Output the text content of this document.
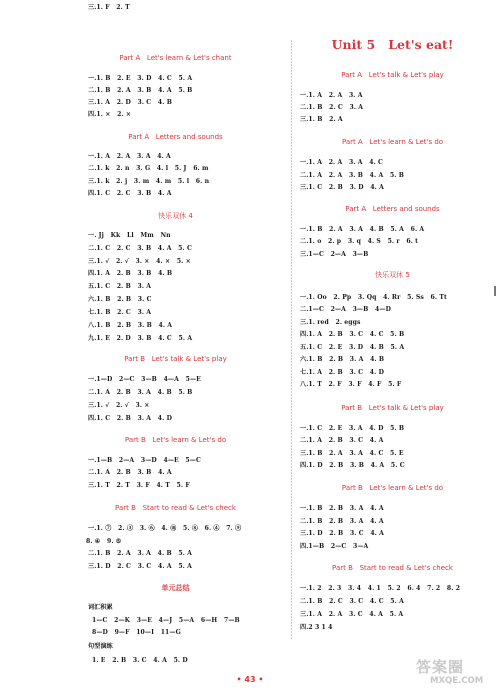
三.1. F   2. T
Part A   Let's learn & Let's chant
一.1. B   2. E   3. D   4. C   5. A
二.1. B   2. A   3. B   4. A   5. B
三.1. A   2. D   3. C   4. B
四.1. ×   2. ×
Part A   Letters and sounds
一.1. A   2. A   3. A   4. A
二.1. k   2. n   3. G   4. l   5. J   6. m
三.1. k   2. j   3. m   4. m   5. l   6. n
四.1. C   2. C   3. B   4. A
快乐双休 4
一. Jj   Kk   Ll   Mm   Nn
二.1. C   2. C   3. B   4. A   5. C
三.1. √   2. √   3. ×   4. ×   5. ×
四.1. A   2. B   3. B   4. B
五.1. C   2. B   3. A
六.1. B   2. B   3. C
七.1. B   2. C   3. A
八.1. B   2. B   3. B   4. A
九.1. E   2. D   3. B   4. C   5. A
Part B   Let's talk & Let's play
一.1—D   2—C   3—B   4—A   5—E
二.1. A   2. B   3. A   4. B   5. B
三.1. √   2. √   3. ×
四.1. C   2. B   3. A   4. D
Part B   Let's learn & Let's do
一.1—B   2—A   3—D   4—E   5—C
二.1. A   2. B   3. B   4. A
三.1. T   2. T   3. F   4. T   5. F
Part B   Start to read & Let's check
一.1. ⑦   2. ③   3. ⑥   4. ⑩   5. ⑧   6. ④   7. ⑨
8. ④   9. ⑤
二.1. B   2. A   3. A   4. B   5. A
三.1. D   2. C   3. C   4. A   5. A
单元总结
词汇积累
1—C   2—K   3—E   4—J   5—A   6—H   7—B
8—D   9—F   10—I   11—G
句型演练
1. E   2. B   3. C   4. A   5. D
Unit 5   Let's eat!
Part A   Let's talk & Let's play
一.1. A   2. A   3. A
二.1. B   2. C   3. A
三.1. B   2. A
Part A   Let's learn & Let's do
一.1. A   2. A   3. A   4. C
二.1. A   2. A   3. B   4. A   5. B
三.1. C   2. B   3. D   4. A
Part A   Letters and sounds
一.1. B   2. A   3. A   4. B   5. A   6. A
二.1. o   2. p   3. q   4. S   5. r   6. t
三.1—C   2—A   3—B
快乐双休 5
一.1. Oo   2. Pp   3. Qq   4. Rr   5. Ss   6. Tt
二.1—C   2—A   3—B   4—D
三.1. red   2. eggs
四.1. A   2. B   3. C   4. C   5. B
五.1. C   2. E   3. D   4. B   5. A
六.1. B   2. B   3. A   4. B
七.1. A   2. B   3. C   4. D
八.1. T   2. F   3. F   4. F   5. F
Part B   Let's talk & Let's play
一.1. C   2. E   3. A   4. D   5. B
二.1. A   2. B   3. C   4. A
三.1. B   2. A   3. A   4. C   5. E
四.1. D   2. B   3. B   4. A   5. C
Part B   Let's learn & Let's do
一.1. B   2. B   3. A   4. A
二.1. B   2. B   3. A   4. A
三.1. D   2. B   3. C   4. A
四.1—B   2—C   3—A
Part B   Start to read & Let's check
一.1. 2   2. 3   3. 4   4. 1   5. 2   6. 4   7. 2   8. 2
二.1. B   2. C   3. C   4. C   5. A
三.1. A   2. A   3. C   4. A   5. A
四.2 3 1 4
• 43 •
答案圈
MXQE.COM
